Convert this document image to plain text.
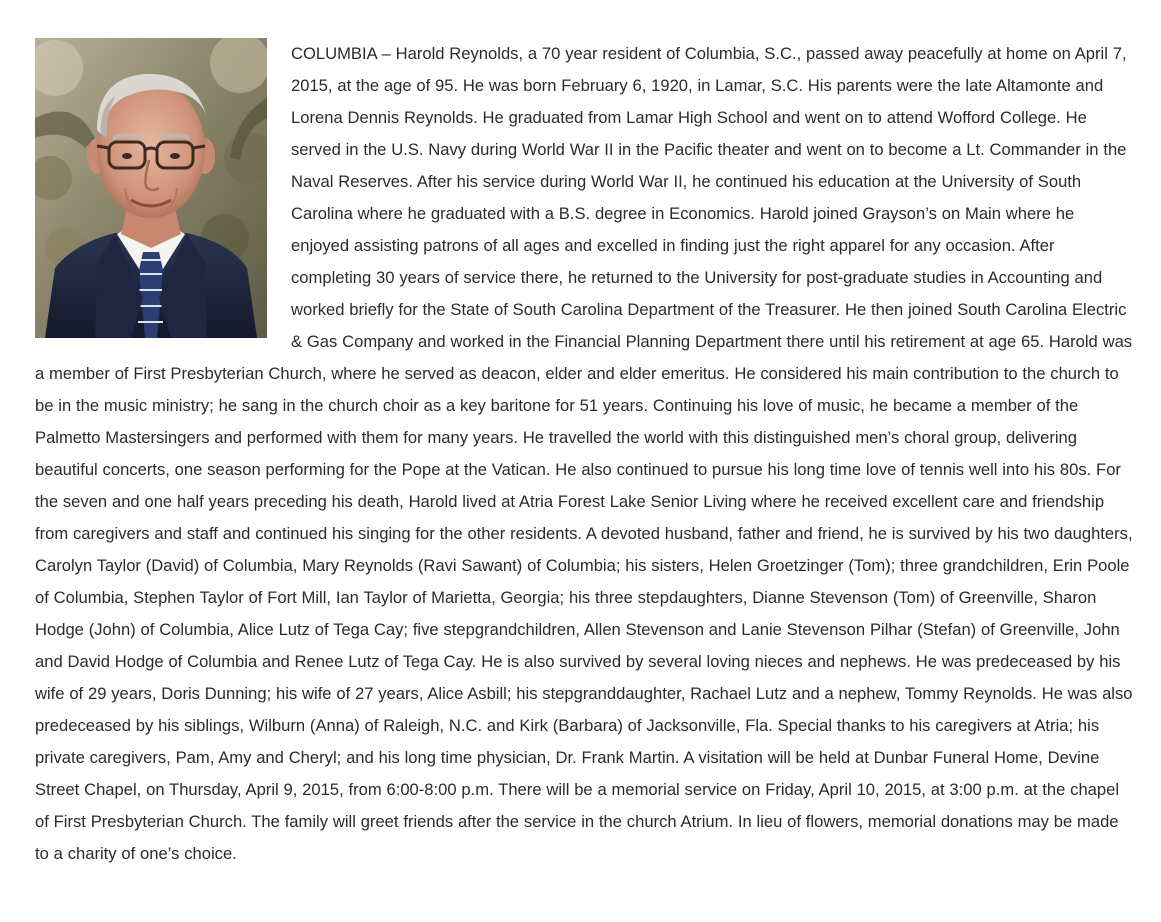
COLUMBIA – Harold Reynolds, a 70 year resident of Columbia, S.C., passed away peacefully at home on April 7, 2015, at the age of 95. He was born February 6, 1920, in Lamar, S.C. His parents were the late Altamonte and Lorena Dennis Reynolds. He graduated from Lamar High School and went on to attend Wofford College. He served in the U.S. Navy during World War II in the Pacific theater and went on to become a Lt. Commander in the Naval Reserves. After his service during World War II, he continued his education at the University of South Carolina where he graduated with a B.S. degree in Economics. Harold joined Grayson’s on Main where he enjoyed assisting patrons of all ages and excelled in finding just the right apparel for any occasion. After completing 30 years of service there, he returned to the University for post-graduate studies in Accounting and worked briefly for the State of South Carolina Department of the Treasurer. He then joined South Carolina Electric & Gas Company and worked in the Financial Planning Department there until his retirement at age 65. Harold was a member of First Presbyterian Church, where he served as deacon, elder and elder emeritus. He considered his main contribution to the church to be in the music ministry; he sang in the church choir as a key baritone for 51 years. Continuing his love of music, he became a member of the Palmetto Mastersingers and performed with them for many years. He travelled the world with this distinguished men’s choral group, delivering beautiful concerts, one season performing for the Pope at the Vatican. He also continued to pursue his long time love of tennis well into his 80s. For the seven and one half years preceding his death, Harold lived at Atria Forest Lake Senior Living where he received excellent care and friendship from caregivers and staff and continued his singing for the other residents. A devoted husband, father and friend, he is survived by his two daughters, Carolyn Taylor (David) of Columbia, Mary Reynolds (Ravi Sawant) of Columbia; his sisters, Helen Groetzinger (Tom); three grandchildren, Erin Poole of Columbia, Stephen Taylor of Fort Mill, Ian Taylor of Marietta, Georgia; his three stepdaughters, Dianne Stevenson (Tom) of Greenville, Sharon Hodge (John) of Columbia, Alice Lutz of Tega Cay; five stepgrandchildren, Allen Stevenson and Lanie Stevenson Pilhar (Stefan) of Greenville, John and David Hodge of Columbia and Renee Lutz of Tega Cay. He is also survived by several loving nieces and nephews. He was predeceased by his wife of 29 years, Doris Dunning; his wife of 27 years, Alice Asbill; his stepgranddaughter, Rachael Lutz and a nephew, Tommy Reynolds. He was also predeceased by his siblings, Wilburn (Anna) of Raleigh, N.C. and Kirk (Barbara) of Jacksonville, Fla. Special thanks to his caregivers at Atria; his private caregivers, Pam, Amy and Cheryl; and his long time physician, Dr. Frank Martin. A visitation will be held at Dunbar Funeral Home, Devine Street Chapel, on Thursday, April 9, 2015, from 6:00-8:00 p.m. There will be a memorial service on Friday, April 10, 2015, at 3:00 p.m. at the chapel of First Presbyterian Church. The family will greet friends after the service in the church Atrium. In lieu of flowers, memorial donations may be made to a charity of one’s choice.
